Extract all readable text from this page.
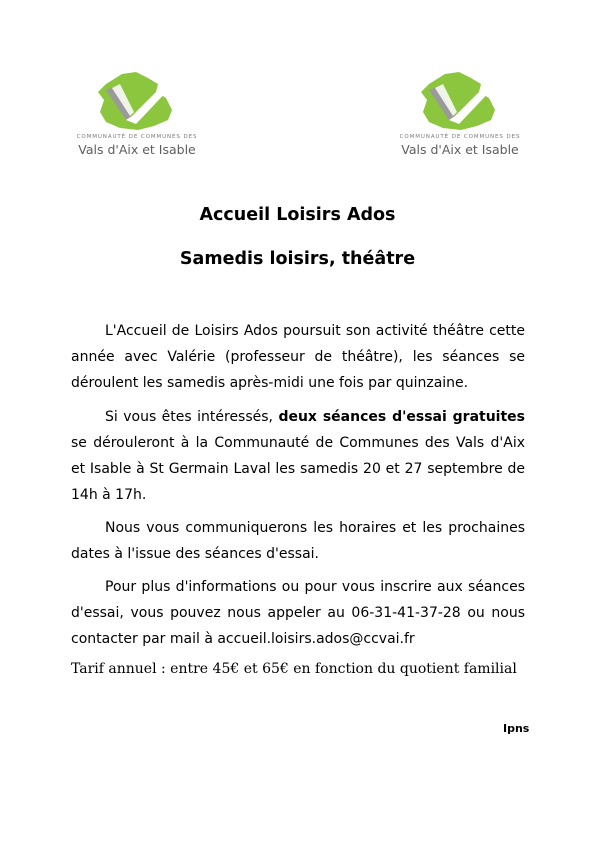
COMMUNAUTÉ DE COMMUNES DES
Vals d'Aix et Isable
COMMUNAUTÉ DE COMMUNES DES
Vals d'Aix et Isable
Accueil Loisirs Ados
Samedis loisirs, théâtre

L'Accueil de Loisirs Ados poursuit son activité théâtre cette année avec Valérie (professeur de théâtre), les séances se déroulent les samedis après-midi une fois par quinzaine.

Si vous êtes intéressés, deux séances d'essai gratuites se dérouleront à la Communauté de Communes des Vals d'Aix et Isable à St Germain Laval les samedis 20 et 27 septembre de 14h à 17h.

Nous vous communiquerons les horaires et les prochaines dates à l'issue des séances d'essai.

Pour plus d'informations ou pour vous inscrire aux séances d'essai, vous pouvez nous appeler au 06-31-41-37-28 ou nous contacter par mail à accueil.loisirs.ados@ccvai.fr

Tarif annuel : entre 45€ et 65€ en fonction du quotient familial

Ipns
